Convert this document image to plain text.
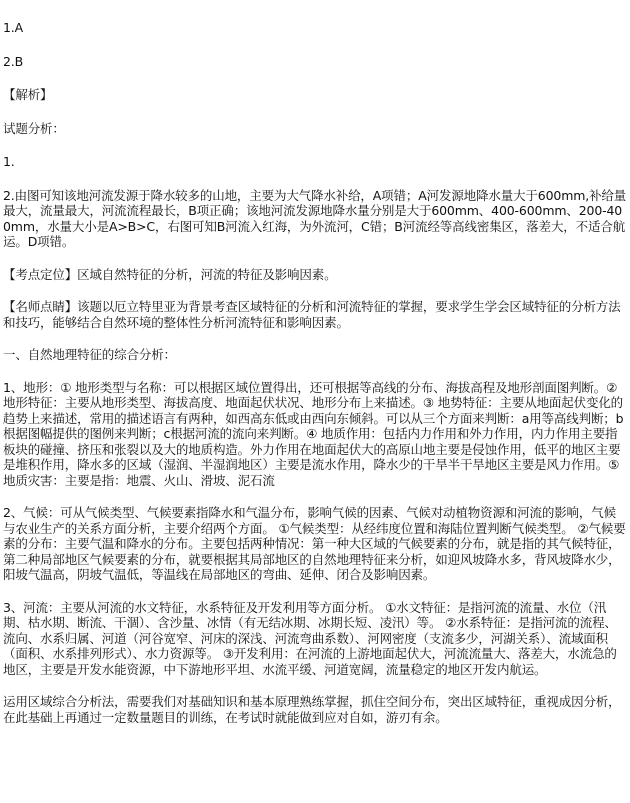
1.A

2.B

【解析】

试题分析：

1.

2.由图可知该地河流发源于降水较多的山地，主要为大气降水补给，A项错；A河发源地降水量大于600mm,补给量最大，流量最大，河流流程最长，B项正确；该地河流发源地降水量分别是大于600mm、400-600mm、200-400mm，水量大小是A>B>C，右图可知B河流入红海，为外流河，C错；B河流经等高线密集区，落差大，不适合航运。D项错。

【考点定位】区域自然特征的分析，河流的特征及影响因素。

【名师点睛】该题以厄立特里亚为背景考查区域特征的分析和河流特征的掌握，要求学生学会区域特征的分析方法和技巧，能够结合自然环境的整体性分析河流特征和影响因素。

一、自然地理特征的综合分析：

1、地形：① 地形类型与名称：可以根据区域位置得出，还可根据等高线的分布、海拔高程及地形剖面图判断。② 地形特征：主要从地形类型、海拔高度、地面起伏状况、地形分布上来描述。③ 地势特征：主要从地面起伏变化的趋势上来描述，常用的描述语言有两种，如西高东低或由西向东倾斜。可以从三个方面来判断：a用等高线判断；b根据图幅提供的图例来判断；c根据河流的流向来判断。④ 地质作用：包括内力作用和外力作用，内力作用主要指板块的碰撞、挤压和张裂以及大的地质构造。外力作用在地面起伏大的高原山地主要是侵蚀作用，低平的地区主要是堆积作用，降水多的区域（湿润、半湿润地区）主要是流水作用，降水少的干旱半干旱地区主要是风力作用。⑤地质灾害：主要是指：地震、火山、滑坡、泥石流

2、气候：可从气候类型、气候要素指降水和气温分布，影响气候的因素、气候对动植物资源和河流的影响，气候与农业生产的关系方面分析，主要介绍两个方面。 ①气候类型：从经纬度位置和海陆位置判断气候类型。 ②气候要素的分布：主要气温和降水的分布。主要包括两种情况：第一种大区域的气候要素的分布，就是指的其气候特征，第二种局部地区气候要素的分布，就要根据其局部地区的自然地理特征来分析，如迎风坡降水多，背风坡降水少，阳坡气温高，阴坡气温低，等温线在局部地区的弯曲、延伸、闭合及影响因素。

3、河流：主要从河流的水文特征，水系特征及开发利用等方面分析。 ①水文特征：是指河流的流量、水位（汛期、枯水期、断流、干涸）、含沙量、冰情（有无结冰期、冰期长短、凌汛）等。 ②水系特征：是指河流的流程、流向、水系归属、河道（河谷宽窄、河床的深浅、河流弯曲系数）、河网密度（支流多少，河湖关系）、流域面积（面积、水系排列形式）、水力资源等。 ③开发利用：在河流的上游地面起伏大，河流流量大、落差大，水流急的地区，主要是开发水能资源，中下游地形平坦、水流平缓、河道宽阔，流量稳定的地区开发内航运。

运用区域综合分析法，需要我们对基础知识和基本原理熟练掌握，抓住空间分布，突出区域特征，重视成因分析，在此基础上再通过一定数量题目的训练，在考试时就能做到应对自如，游刃有余。
